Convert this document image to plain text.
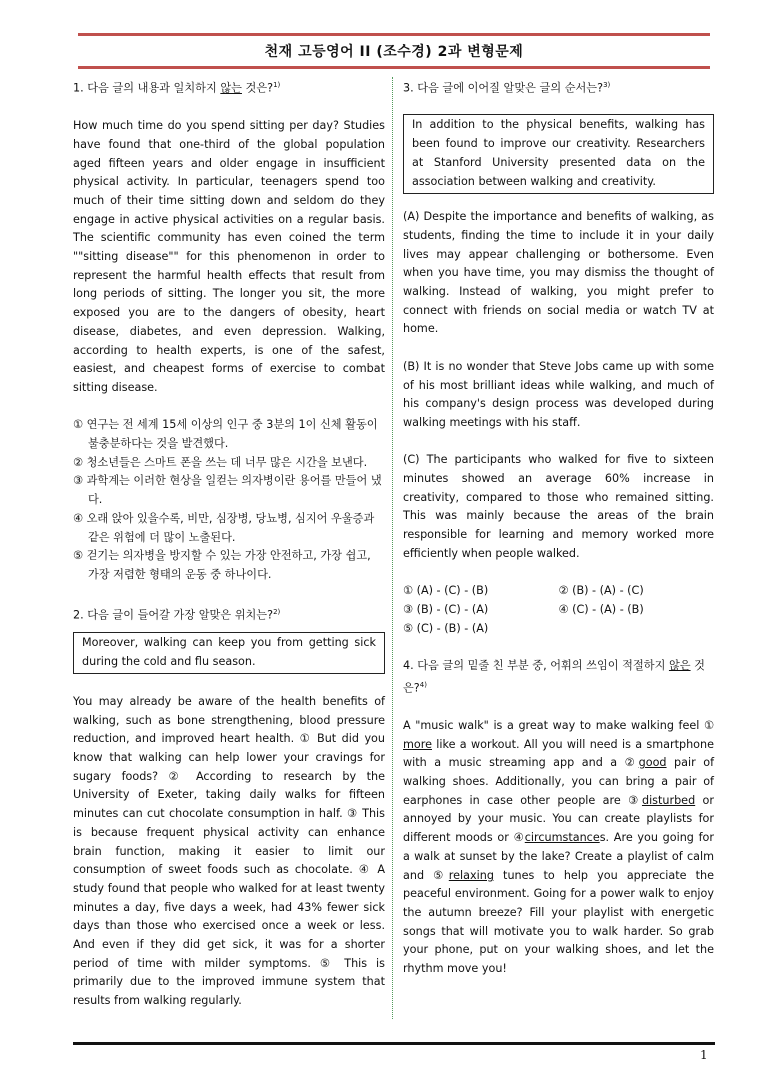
천재 고등영어 II (조수경) 2과 변형문제

1. 다음 글의 내용과 일치하지 않는 것은?$^{1)}$

How much time do you spend sitting per day? Studies have found that one-third of the global population aged fifteen years and older engage in insufficient physical activity. In particular, teenagers spend too much of their time sitting down and seldom do they engage in active physical activities on a regular basis. The scientific community has even coined the term ""sitting disease"" for this phenomenon in order to represent the harmful health effects that result from long periods of sitting. The longer you sit, the more exposed you are to the dangers of obesity, heart disease, diabetes, and even depression. Walking, according to health experts, is one of the safest, easiest, and cheapest forms of exercise to combat sitting disease.

① 연구는 전 세계 15세 이상의 인구 중 3분의 1이 신체 활동이 불충분하다는 것을 발견했다.
② 청소년들은 스마트 폰을 쓰는 데 너무 많은 시간을 보낸다.
③ 과학계는 이러한 현상을 일컫는 의자병이란 용어를 만들어 냈다.
④ 오래 앉아 있을수록, 비만, 심장병, 당뇨병, 심지어 우울증과 같은 위험에 더 많이 노출된다.
⑤ 걷기는 의자병을 방지할 수 있는 가장 안전하고, 가장 쉽고, 가장 저렴한 형태의 운동 중 하나이다.

2. 다음 글이 들어갈 가장 알맞은 위치는?$^{2)}$

Moreover, walking can keep you from getting sick during the cold and flu season.

You may already be aware of the health benefits of walking, such as bone strengthening, blood pressure reduction, and improved heart health. ① But did you know that walking can help lower your cravings for sugary foods? ② According to research by the University of Exeter, taking daily walks for fifteen minutes can cut chocolate consumption in half. ③ This is because frequent physical activity can enhance brain function, making it easier to limit our consumption of sweet foods such as chocolate. ④ A study found that people who walked for at least twenty minutes a day, five days a week, had 43% fewer sick days than those who exercised once a week or less. And even if they did get sick, it was for a shorter period of time with milder symptoms. ⑤ This is primarily due to the improved immune system that results from walking regularly.

3. 다음 글에 이어질 알맞은 글의 순서는?$^{3)}$

In addition to the physical benefits, walking has been found to improve our creativity. Researchers at Stanford University presented data on the association between walking and creativity.

(A) Despite the importance and benefits of walking, as students, finding the time to include it in your daily lives may appear challenging or bothersome. Even when you have time, you may dismiss the thought of walking. Instead of walking, you might prefer to connect with friends on social media or watch TV at home.

(B) It is no wonder that Steve Jobs came up with some of his most brilliant ideas while walking, and much of his company's design process was developed during walking meetings with his staff.

(C) The participants who walked for five to sixteen minutes showed an average 60% increase in creativity, compared to those who remained sitting. This was mainly because the areas of the brain responsible for learning and memory worked more efficiently when people walked.

① (A) - (C) - (B)	② (B) - (A) - (C)
③ (B) - (C) - (A)	④ (C) - (A) - (B)
⑤ (C) - (B) - (A)

4. 다음 글의 밑줄 친 부분 중, 어휘의 쓰임이 적절하지 않은 것은?$^{4)}$

A "music walk" is a great way to make walking feel ① more like a workout. All you will need is a smartphone with a music streaming app and a ②good pair of walking shoes. Additionally, you can bring a pair of earphones in case other people are ③disturbed or annoyed by your music. You can create playlists for different moods or ④circumstances. Are you going for a walk at sunset by the lake? Create a playlist of calm and ⑤relaxing tunes to help you appreciate the peaceful environment. Going for a power walk to enjoy the autumn breeze? Fill your playlist with energetic songs that will motivate you to walk harder. So grab your phone, put on your walking shoes, and let the rhythm move you!

1
